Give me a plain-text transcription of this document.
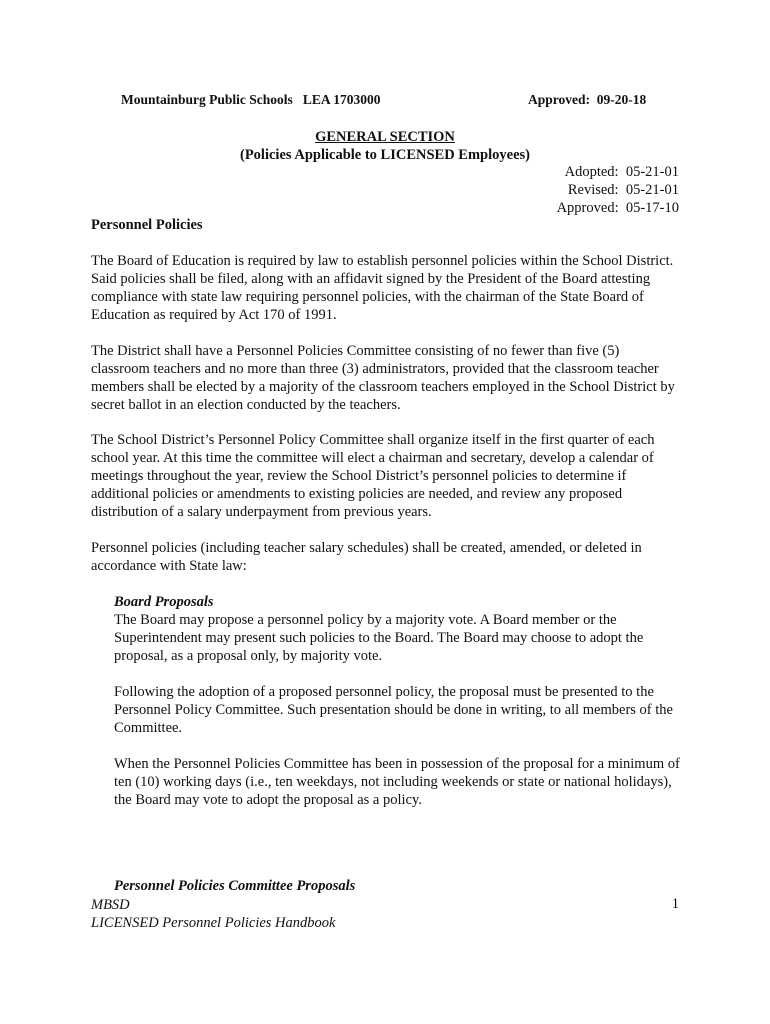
Mountainburg Public Schools   LEA 1703000	Approved:  09-20-18
GENERAL SECTION
(Policies Applicable to LICENSED Employees)
Adopted:  05-21-01
Revised:  05-21-01
Approved:  05-17-10
Personnel Policies
The Board of Education is required by law to establish personnel policies within the School District. Said policies shall be filed, along with an affidavit signed by the President of the Board attesting compliance with state law requiring personnel policies, with the chairman of the State Board of Education as required by Act 170 of 1991.
The District shall have a Personnel Policies Committee consisting of no fewer than five (5) classroom teachers and no more than three (3) administrators, provided that the classroom teacher members shall be elected by a majority of the classroom teachers employed in the School District by secret ballot in an election conducted by the teachers.
The School District’s Personnel Policy Committee shall organize itself in the first quarter of each school year. At this time the committee will elect a chairman and secretary, develop a calendar of meetings throughout the year, review the School District’s personnel policies to determine if additional policies or amendments to existing policies are needed, and review any proposed distribution of a salary underpayment from previous years.
Personnel policies (including teacher salary schedules) shall be created, amended, or deleted in accordance with State law:
Board Proposals
The Board may propose a personnel policy by a majority vote. A Board member or the Superintendent may present such policies to the Board. The Board may choose to adopt the proposal, as a proposal only, by majority vote.
Following the adoption of a proposed personnel policy, the proposal must be presented to the Personnel Policy Committee. Such presentation should be done in writing, to all members of the Committee.
When the Personnel Policies Committee has been in possession of the proposal for a minimum of ten (10) working days (i.e., ten weekdays, not including weekends or state or national holidays), the Board may vote to adopt the proposal as a policy.
Personnel Policies Committee Proposals
MBSD
LICENSED Personnel Policies Handbook
1
